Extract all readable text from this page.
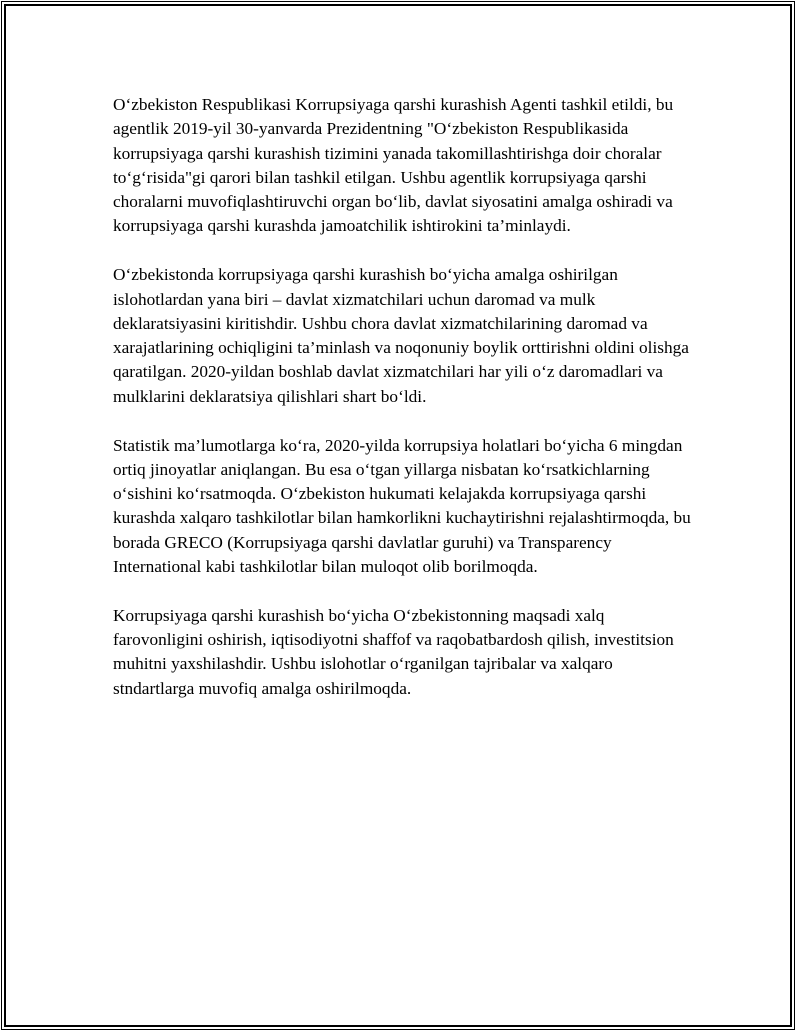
O‘zbekiston Respublikasi Korrupsiyaga qarshi kurashish Agenti tashkil etildi, bu agentlik 2019-yil 30-yanvarda Prezidentning "O‘zbekiston Respublikasida korrupsiyaga qarshi kurashish tizimini yanada takomillashtirishga doir choralar to‘g‘risida"gi qarori bilan tashkil etilgan. Ushbu agentlik korrupsiyaga qarshi choralarni muvofiqlashtiruvchi organ bo‘lib, davlat siyosatini amalga oshiradi va korrupsiyaga qarshi kurashda jamoatchilik ishtirokini ta’minlaydi.

O‘zbekistonda korrupsiyaga qarshi kurashish bo‘yicha amalga oshirilgan islohotlardan yana biri – davlat xizmatchilari uchun daromad va mulk deklaratsiyasini kiritishdir. Ushbu chora davlat xizmatchilarining daromad va xarajatlarining ochiqligini ta’minlash va noqonuniy boylik orttirishni oldini olishga qaratilgan. 2020-yildan boshlab davlat xizmatchilari har yili o‘z daromadlari va mulklarini deklaratsiya qilishlari shart bo‘ldi.

Statistik ma’lumotlarga ko‘ra, 2020-yilda korrupsiya holatlari bo‘yicha 6 mingdan ortiq jinoyatlar aniqlangan. Bu esa o‘tgan yillarga nisbatan ko‘rsatkichlarning o‘sishini ko‘rsatmoqda. O‘zbekiston hukumati kelajakda korrupsiyaga qarshi kurashda xalqaro tashkilotlar bilan hamkorlikni kuchaytirishni rejalashtirmoqda, bu borada GRECO (Korrupsiyaga qarshi davlatlar guruhi) va Transparency International kabi tashkilotlar bilan muloqot olib borilmoqda.

Korrupsiyaga qarshi kurashish bo‘yicha O‘zbekistonning maqsadi xalq farovonligini oshirish, iqtisodiyotni shaffof va raqobatbardosh qilish, investitsion muhitni yaxshilashdir. Ushbu islohotlar o‘rganilgan tajribalar va xalqaro stndartlarga muvofiq amalga oshirilmoqda.
